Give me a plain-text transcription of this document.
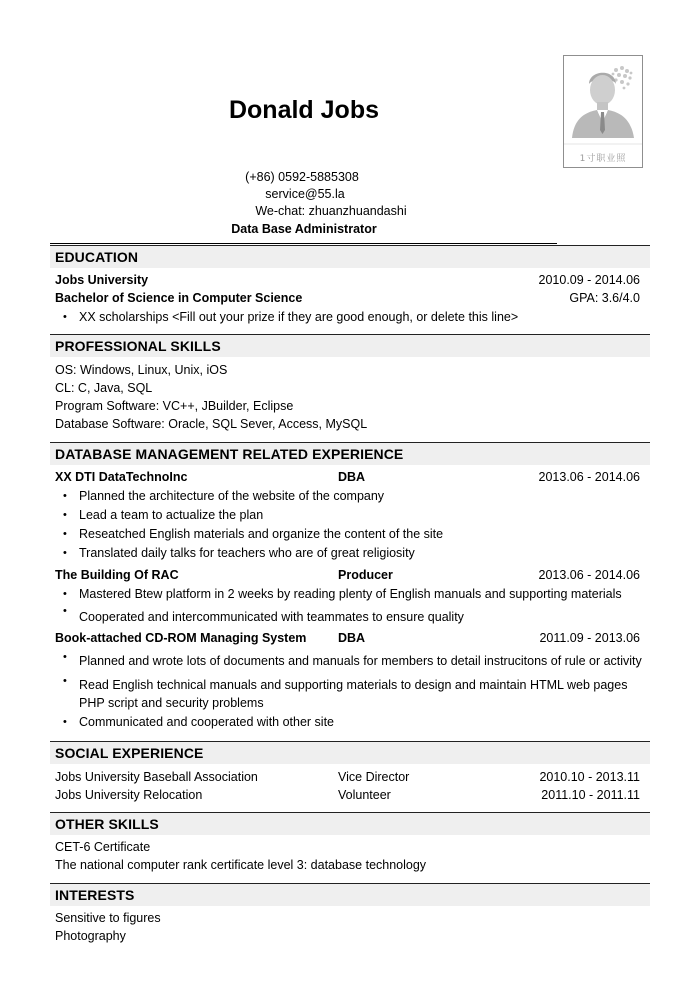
Donald Jobs
(+86) 0592-5885308
service@55.la
We-chat: zhuanzhuandashi
Data Base Administrator
1寸职业照
EDUCATION
Jobs University	2010.09 - 2014.06
Bachelor of Science in Computer Science	GPA: 3.6/4.0
• XX scholarships <Fill out your prize if they are good enough, or delete this line>
PROFESSIONAL SKILLS
OS: Windows, Linux, Unix, iOS
CL: C, Java, SQL
Program Software: VC++, JBuilder, Eclipse
Database Software: Oracle, SQL Sever, Access, MySQL
DATABASE MANAGEMENT RELATED EXPERIENCE
XX DTI DataTechnoInc	DBA	2013.06 - 2014.06
• Planned the architecture of the website of the company
• Lead a team to actualize the plan
• Reseatched English materials and organize the content of the site
• Translated daily talks for teachers who are of great religiosity
The Building Of RAC	Producer	2013.06 - 2014.06
• Mastered Btew platform in 2 weeks by reading plenty of English manuals and supporting materials
• Cooperated and intercommunicated with teammates to ensure quality
Book-attached CD-ROM Managing System	DBA	2011.09 - 2013.06
• Planned and wrote lots of documents and manuals for members to detail instrucitons of rule or activity
• Read English technical manuals and supporting materials to design and maintain HTML web pages
PHP script and security problems
• Communicated and cooperated with other site
SOCIAL EXPERIENCE
Jobs University Baseball Association	Vice Director	2010.10 - 2013.11
Jobs University Relocation	Volunteer	2011.10 - 2011.11
OTHER SKILLS
CET-6 Certificate
The national computer rank certificate level 3: database technology
INTERESTS
Sensitive to figures
Photography
